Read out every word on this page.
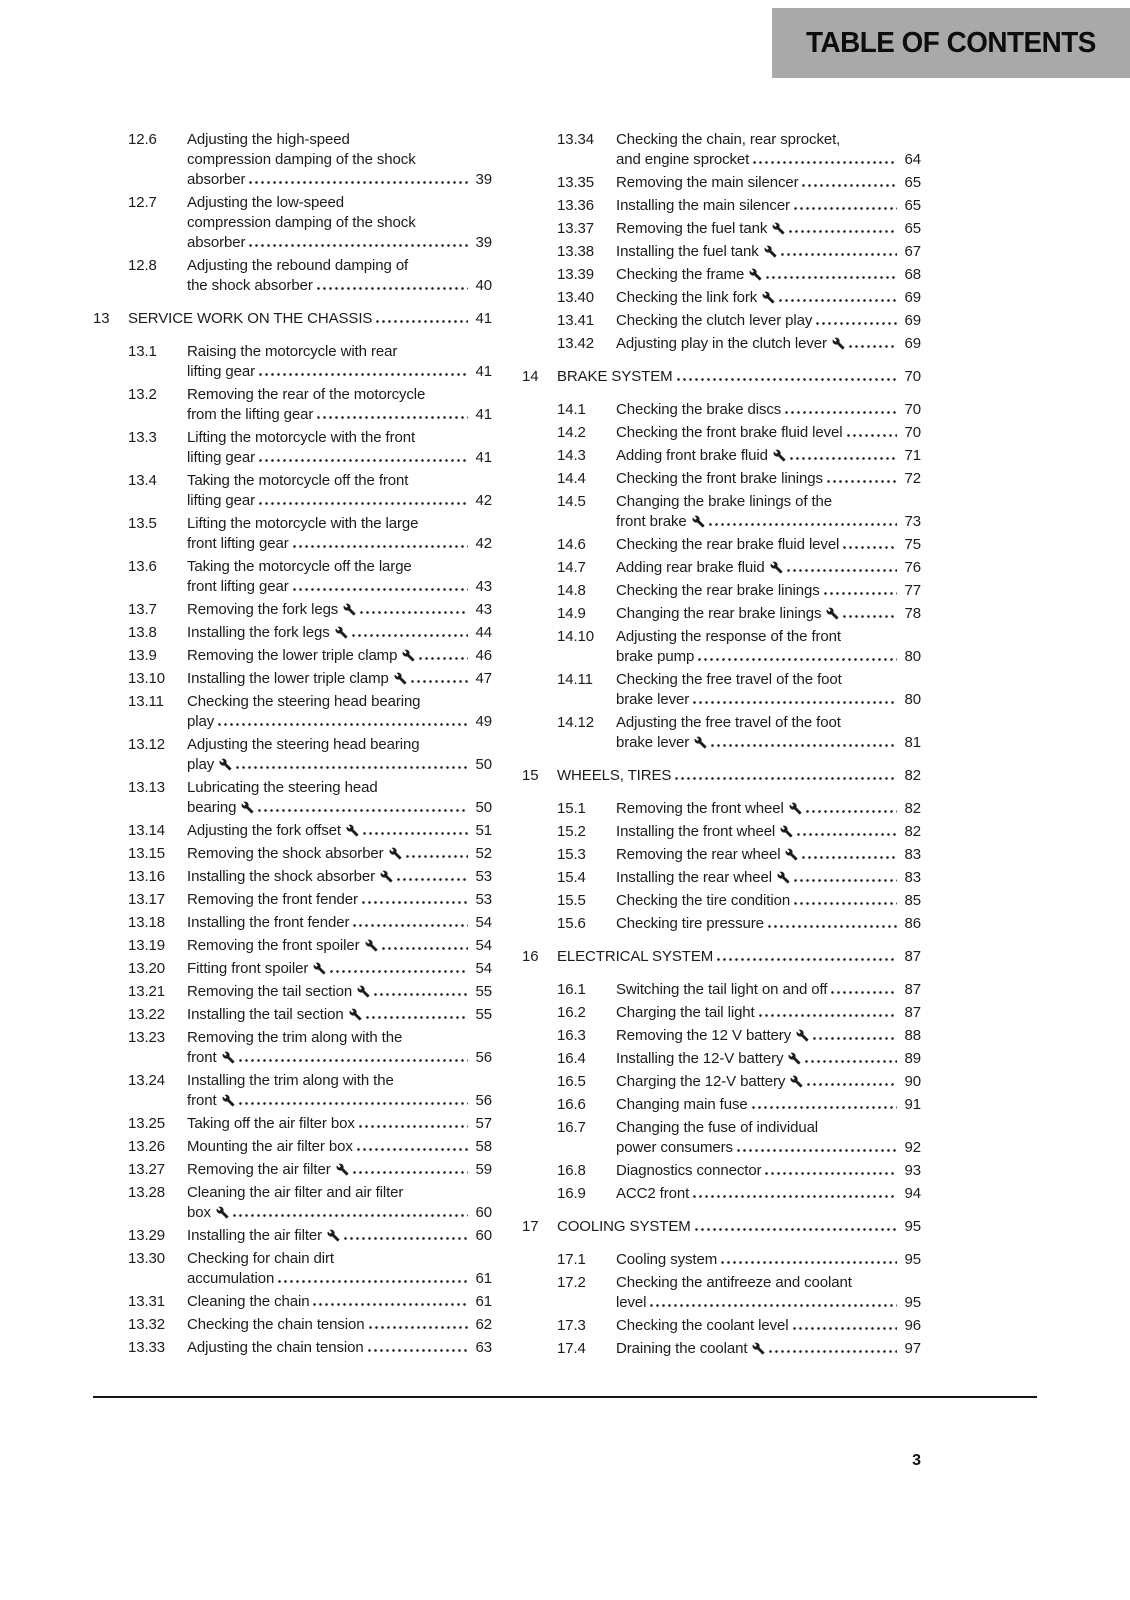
TABLE OF CONTENTS
12.6	Adjusting the high-speed
compression damping of the shock
absorber	39
12.7	Adjusting the low-speed
compression damping of the shock
absorber	39
12.8	Adjusting the rebound damping of
the shock absorber	40
13	SERVICE WORK ON THE CHASSIS	41
13.1	Raising the motorcycle with rear
lifting gear	41
13.2	Removing the rear of the motorcycle
from the lifting gear	41
13.3	Lifting the motorcycle with the front
lifting gear	41
13.4	Taking the motorcycle off the front
lifting gear	42
13.5	Lifting the motorcycle with the large
front lifting gear	42
13.6	Taking the motorcycle off the large
front lifting gear	43
13.7	Removing the fork legs	43
13.8	Installing the fork legs	44
13.9	Removing the lower triple clamp	46
13.10	Installing the lower triple clamp	47
13.11	Checking the steering head bearing
play	49
13.12	Adjusting the steering head bearing
play	50
13.13	Lubricating the steering head
bearing	50
13.14	Adjusting the fork offset	51
13.15	Removing the shock absorber	52
13.16	Installing the shock absorber	53
13.17	Removing the front fender	53
13.18	Installing the front fender	54
13.19	Removing the front spoiler	54
13.20	Fitting front spoiler	54
13.21	Removing the tail section	55
13.22	Installing the tail section	55
13.23	Removing the trim along with the
front	56
13.24	Installing the trim along with the
front	56
13.25	Taking off the air filter box	57
13.26	Mounting the air filter box	58
13.27	Removing the air filter	59
13.28	Cleaning the air filter and air filter
box	60
13.29	Installing the air filter	60
13.30	Checking for chain dirt
accumulation	61
13.31	Cleaning the chain	61
13.32	Checking the chain tension	62
13.33	Adjusting the chain tension	63
13.34	Checking the chain, rear sprocket,
and engine sprocket	64
13.35	Removing the main silencer	65
13.36	Installing the main silencer	65
13.37	Removing the fuel tank	65
13.38	Installing the fuel tank	67
13.39	Checking the frame	68
13.40	Checking the link fork	69
13.41	Checking the clutch lever play	69
13.42	Adjusting play in the clutch lever	69
14	BRAKE SYSTEM	70
14.1	Checking the brake discs	70
14.2	Checking the front brake fluid level	70
14.3	Adding front brake fluid	71
14.4	Checking the front brake linings	72
14.5	Changing the brake linings of the
front brake	73
14.6	Checking the rear brake fluid level	75
14.7	Adding rear brake fluid	76
14.8	Checking the rear brake linings	77
14.9	Changing the rear brake linings	78
14.10	Adjusting the response of the front
brake pump	80
14.11	Checking the free travel of the foot
brake lever	80
14.12	Adjusting the free travel of the foot
brake lever	81
15	WHEELS, TIRES	82
15.1	Removing the front wheel	82
15.2	Installing the front wheel	82
15.3	Removing the rear wheel	83
15.4	Installing the rear wheel	83
15.5	Checking the tire condition	85
15.6	Checking tire pressure	86
16	ELECTRICAL SYSTEM	87
16.1	Switching the tail light on and off	87
16.2	Charging the tail light	87
16.3	Removing the 12 V battery	88
16.4	Installing the 12-V battery	89
16.5	Charging the 12-V battery	90
16.6	Changing main fuse	91
16.7	Changing the fuse of individual
power consumers	92
16.8	Diagnostics connector	93
16.9	ACC2 front	94
17	COOLING SYSTEM	95
17.1	Cooling system	95
17.2	Checking the antifreeze and coolant
level	95
17.3	Checking the coolant level	96
17.4	Draining the coolant	97
3
